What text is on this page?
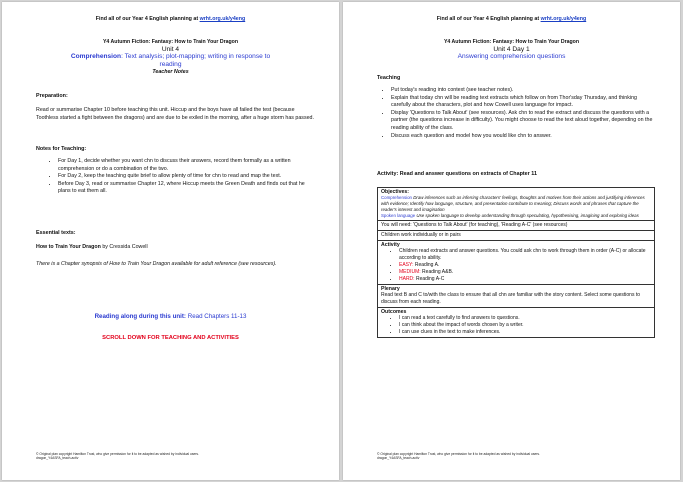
Find all of our Year 4 English planning at wrht.org.uk/y4eng
Y4 Autumn Fiction: Fantasy: How to Train Your Dragon
Unit 4
Comprehension: Text analysis; plot-mapping; writing in response to
reading
Teacher Notes
Preparation:
Read or summarise Chapter 10 before teaching this unit. Hiccup and the boys have all failed the test (because Toothless started a fight between the dragons) and are due to be exiled in the morning, after a huge storm has passed.
Notes for Teaching:
• For Day 1, decide whether you want chn to discuss their answers, record them formally as a written comprehension or do a combination of the two.
• For Day 2, keep the teaching quite brief to allow plenty of time for chn to read and map the text.
• Before Day 3, read or summarise Chapter 12, where Hiccup meets the Green Death and finds out that he plans to eat them all.
Essential texts:
How to Train Your Dragon by Cressida Cowell
There is a Chapter synopsis of How to Train Your Dragon available for adult reference (see resources).
Reading along during this unit: Read Chapters 11-13
SCROLL DOWN FOR TEACHING AND ACTIVITIES
© Original plan copyright Hamilton Trust, who give permission for it to be adapted as wished by individual users.
dragon_Y4ASFA_teach-activ
Find all of our Year 4 English planning at wrht.org.uk/y4eng
Y4 Autumn Fiction: Fantasy: How to Train Your Dragon
Unit 4 Day 1
Answering comprehension questions
Teaching
• Put today's reading into context (see teacher notes).
• Explain that today chn will be reading text extracts which follow on from Thor'sday Thursday, and thinking carefully about the characters, plot and how Cowell uses language for impact.
• Display 'Questions to Talk About' (see resources). Ask chn to read the extract and discuss the questions with a partner (the questions increase in difficulty). You might choose to read the text aloud together, depending on the reading ability of the class.
• Discuss each question and model how you would like chn to answer.
Activity: Read and answer questions on extracts of Chapter 11
Objectives:
Comprehension Draw inferences such as inferring characters' feelings, thoughts and motives from their actions and justifying inferences with evidence; Identify how language, structure, and presentation contribute to meaning; Discuss words and phrases that capture the reader's interest and imagination
Spoken language Use spoken language to develop understanding through speculating, hypothesising, imagining and exploring ideas
You will need: 'Questions to Talk About' (for teaching), 'Reading A-C' (see resources)
Children work individually or in pairs
Activity
• Children read extracts and answer questions. You could ask chn to work through them in order (A-C) or allocate according to ability.
• EASY: Reading A.
• MEDIUM: Reading A&B.
• HARD: Reading A-C
Plenary
Read text B and C to/with the class to ensure that all chn are familiar with the story content. Select some questions to discuss from each reading.
Outcomes
• I can read a text carefully to find answers to questions.
• I can think about the impact of words chosen by a writer.
• I can use clues in the text to make inferences.
© Original plan copyright Hamilton Trust, who give permission for it to be adapted as wished by individual users.
dragon_Y4ASFA_teach-activ
